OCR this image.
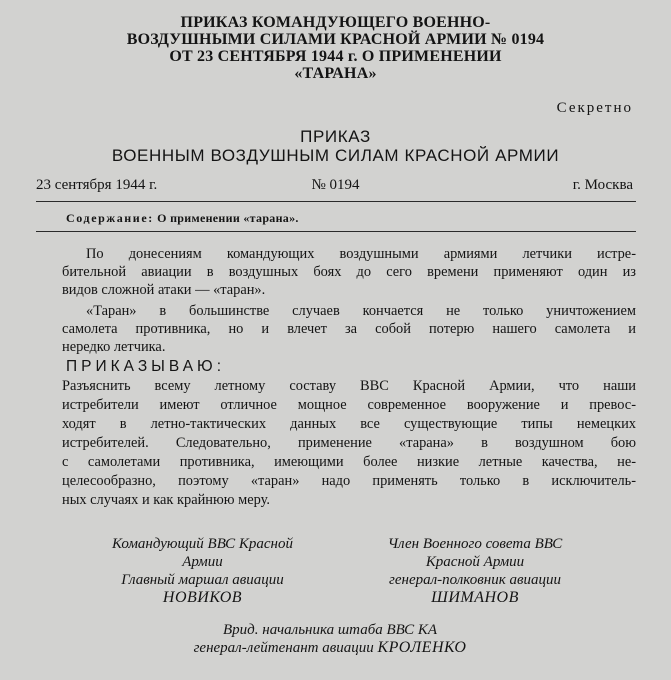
ПРИКАЗ КОМАНДУЮЩЕГО ВОЕННО-
ВОЗДУШНЫМИ СИЛАМИ КРАСНОЙ АРМИИ № 0194
ОТ 23 СЕНТЯБРЯ 1944 г. О ПРИМЕНЕНИИ
«ТАРАНА»
Секретно
ПРИКАЗ
ВОЕННЫМ ВОЗДУШНЫМ СИЛАМ КРАСНОЙ АРМИИ
23 сентября 1944 г.	№ 0194	г. Москва
Содержание: О применении «тарана».
По донесениям командующих воздушными армиями летчики истре-
бительной авиации в воздушных боях до сего времени применяют один из
видов сложной атаки — «таран».
«Таран» в большинстве случаев кончается не только уничтожением
самолета противника, но и влечет за собой потерю нашего самолета и
нередко летчика.
ПРИКАЗЫВАЮ:
Разъяснить всему летному составу ВВС Красной Армии, что наши
истребители имеют отличное мощное современное вооружение и превос-
ходят в летно-тактических данных все существующие типы немецких
истребителей. Следовательно, применение «тарана» в воздушном бою
с самолетами противника, имеющими более низкие летные качества, не-
целесообразно, поэтому «таран» надо применять только в исключитель-
ных случаях и как крайнюю меру.
Командующий ВВС Красной
Армии
Главный маршал авиации
НОВИКОВ
Член Военного совета ВВС
Красной Армии
генерал-полковник авиации
ШИМАНОВ
Врид. начальника штаба ВВС КА
генерал-лейтенант авиации КРОЛЕНКО
